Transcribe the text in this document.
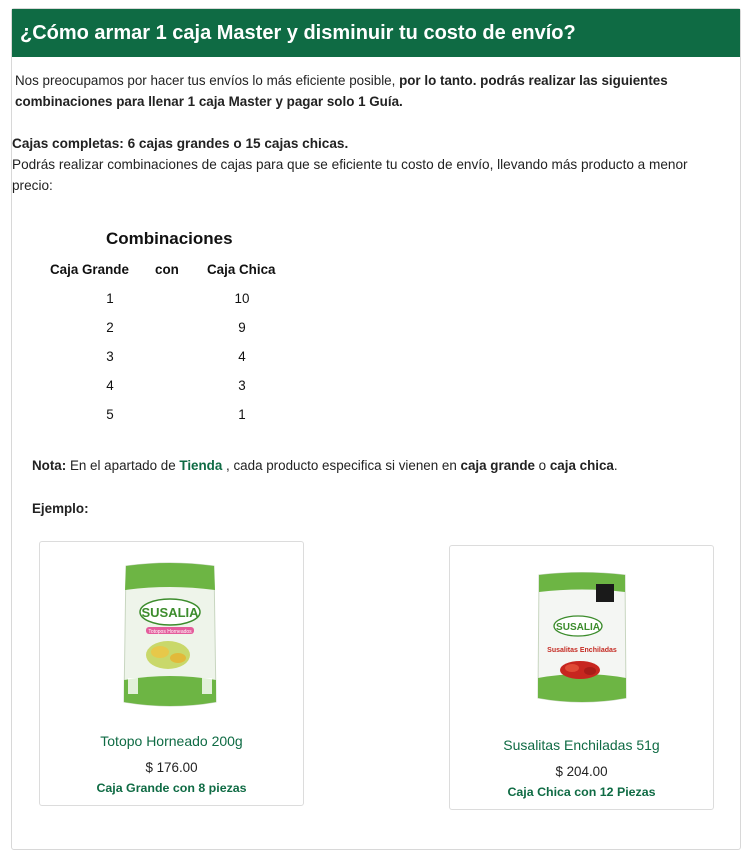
¿Cómo armar 1 caja Master y disminuir tu costo de envío?
Nos preocupamos por hacer tus envíos lo más eficiente posible, por lo tanto. podrás realizar las siguientes combinaciones para llenar 1 caja Master y pagar solo 1 Guía.
Cajas completas: 6 cajas grandes o 15 cajas chicas.
Podrás realizar combinaciones de cajas para que se eficiente tu costo de envío, llevando más producto a menor precio:
Combinaciones
Caja Grande con Caja Chica
1	10
2	9
3	4
4	3
5	1
Nota: En el apartado de Tienda , cada producto especifica si vienen en caja grande o caja chica.
Ejemplo:
SUSALIA
Totopos Horneados
Totopo Horneado 200g
$ 176.00
Caja Grande con 8 piezas
SUSALIA
Susalitas Enchiladas
Susalitas Enchiladas 51g
$ 204.00
Caja Chica con 12 Piezas
